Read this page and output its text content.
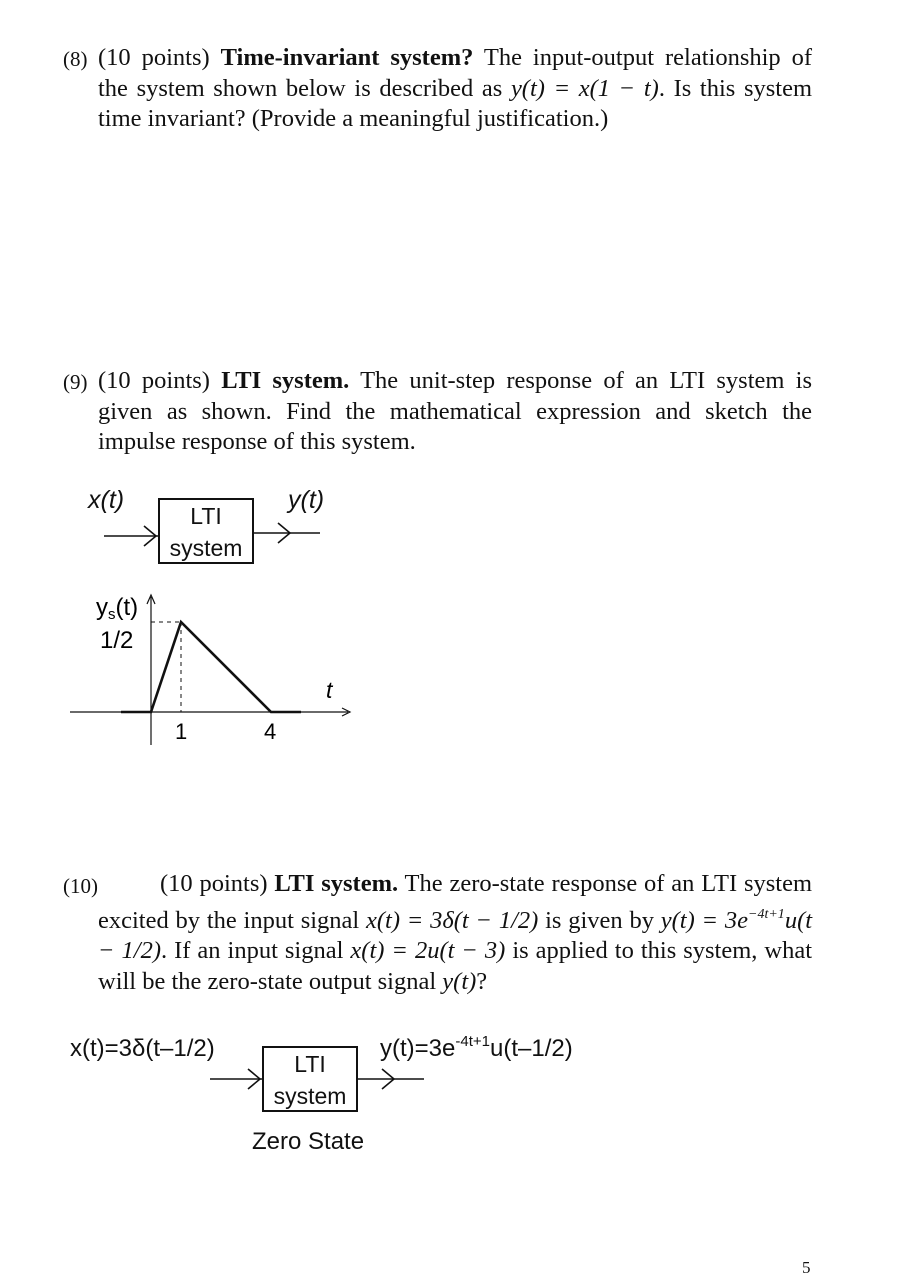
(8) (10 points) Time-invariant system? The input-output relationship of the system shown below is described as y(t) = x(1 − t). Is this system time invariant? (Provide a meaningful justification.)
(9) (10 points) LTI system. The unit-step response of an LTI system is given as shown. Find the mathematical expression and sketch the impulse response of this system.
x(t)	y(t)
LTI
system
ys(t)
1/2
t
1	4
(10)	(10 points) LTI system. The zero-state response of an LTI system excited by the input signal x(t) = 3δ(t − 1/2) is given by $y(t) = 3e^{-4t+1}u(t - 1/2)$. If an input signal x(t) = 2u(t − 3) is applied to this system, what will be the zero-state output signal y(t)?
x(t)=3δ(t–1/2)	$y(t)=3e^{-4t+1}u(t-1/2)$
LTI
system
Zero State
5
